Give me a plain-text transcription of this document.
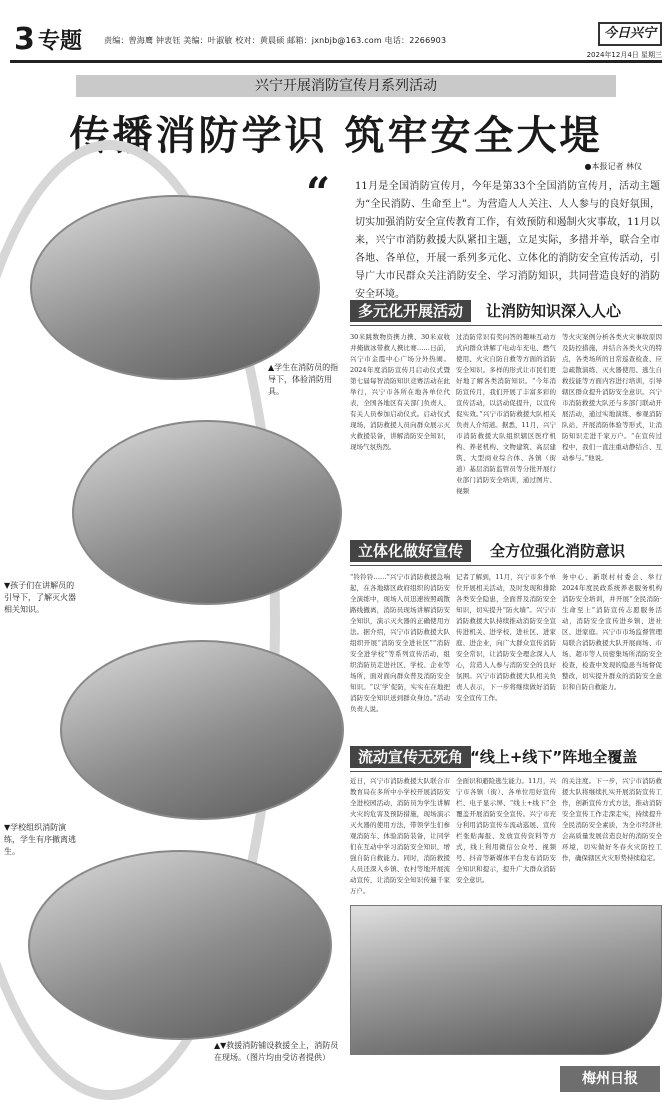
3 专题	责编：曾海鹰 钟衷钰 美编：叶淑敏 校对：黄晨硕 邮箱：jxnbjb@163.com 电话：2266903	今日兴宁
2024年12月4日 星期三
兴宁开展消防宣传月系列活动
传播消防学识 筑牢安全大堤
●本报记者 林仪
“ 11月是全国消防宣传月，今年是第33个全国消防宣传月，活动主题为“全民消防、生命至上”。为营造人人关注、人人参与的良好氛围，切实加强消防安全宣传教育工作，有效预防和遏制火灾事故，11月以来，兴宁市消防救援大队紧扣主题，立足实际，多措并举，联合全市各地、各单位，开展一系列多元化、立体化的消防安全宣传活动，引导广大市民群众关注消防安全、学习消防知识，共同营造良好的消防安全环境。
▲学生在消防员的指导下，体验消防用具。
▼孩子们在讲解员的引导下，了解灭火器相关知识。
▼学校组织消防演练，学生有序撤离逃生。
▲▼救援消防铺设救援全上，消防员在现场。（图片均由受访者提供）
多元化开展活动	让消防知识深入人心
30米跳数物资携力携、30米双收并掩做冰带救人携比赛……日前，兴宁市金霞中心广场分外热闹。2024年度消防宣传月启动仪式暨第七届每智消防知识竞赛活动在此举行，兴宁市各所在地各单位代表，全国各地区有关部门负责人、有关人员参加启动仪式。启动仪式现场，消防救援人员向群众展示灭火救援装备，讲解消防安全知识，现场气氛热烈。
过消防常识有奖问答的趣味互动方式向群众讲解了电动车充电、燃气使用、火灾自防自救等方面的消防安全知识。多样的形式让市民们更好地了解各类消防知识。“今年消防宣传月，我们开展了丰富多彩的宣传活动，以活动促提升，以宣传促实效。”兴宁市消防救援大队相关负责人介绍道。据悉，11月，兴宁市消防救援大队组织辖区医疗机构、养老机构、文物建筑、高层建筑、大型商业综合体、各镇（街道）基层消防监管员等分批开展行业部门消防安全培训，通过图片、视频
等火灾案例分析各类火灾事故原因及防控措施，并结合各类火灾的特点，各类场所的日常巡查检查、应急疏散演练、灭火器使用、逃生自救技能等方面内容进行培训，引导辖区群众提升消防安全意识。兴宁市消防救援大队还与多部门联动开展活动，通过实地演练、参观消防队站、开展消防体验等形式，让消防知识走进千家万户。“在宣传过程中，我们一直注重动静结合、互动参与。”他说。
立体化做好宣传	全方位强化消防意识
“铃铃铃……”兴宁市消防救援急响起，在各地辖区政府组织的消防安全演练中，现场人员迅速按照疏散路线撤离，消防员现场讲解消防安全知识，演示灭火器的正确使用方法。据介绍，兴宁市消防救援大队组织开展“消防安全进社区”“消防安全进学校”等系列宣传活动，组织消防员走进社区、学校、企业等场所，面对面向群众普及消防安全知识。“以‘学’促防，实实在在地把消防安全知识送到群众身边。”活动负责人说。
记者了解到，11月，兴宁市多个单位开展相关活动，及时发现和排除各类安全隐患，全面普及消防安全知识，切实提升“防火墙”。兴宁市消防救援大队持续推动消防安全宣传进机关、进学校、进社区、进家庭、进企业，向广大群众宣传消防安全常识，让消防安全理念深入人心，营造人人参与消防安全的良好氛围。兴宁市消防救援大队相关负责人表示，下一步将继续做好消防安全宣传工作。
务中心、新联村村委会、举行2024年度民政系统养老服务机构消防安全培训，并开展“全民消防·生命至上”消防宣传志愿服务活动，消防安全宣传进乡镇、进社区、进家庭。兴宁市市场监督管理局联合消防救援大队开展商场、市场、超市等人员密集场所消防安全检查，检查中发现的隐患当场督促整改，切实提升群众的消防安全意识和自防自救能力。
流动宣传无死角 “线上+线下”阵地全覆盖
近日，兴宁市消防救援大队联合市教育局在多所中小学校开展消防安全进校园活动，消防员为学生讲解火灾的危害及预防措施，现场演示灭火器的使用方法，带领学生们参观消防车、体验消防装备，让同学们在互动中学习消防安全知识，增强自防自救能力。同时，消防救援人员还深入乡镇、农村等地开展流动宣传，让消防安全知识传遍千家万户。
全面识和避险逃生能力。11月，兴宁市各镇（街）、各单位用好宣传栏、电子显示屏、“线上+线下”全覆盖开展消防安全宣传。兴宁市充分利用消防宣传车流动巡展、宣传栏张贴海报、发放宣传资料等方式，线上利用微信公众号、视频号、抖音等新媒体平台发布消防安全知识和提示，提升广大群众消防安全意识。
的关注度。下一步，兴宁市消防救援大队将继续扎实开展消防宣传工作，创新宣传方式方法，推动消防安全宣传工作走深走实，持续提升全民消防安全素质，为全市经济社会高质量发展营造良好的消防安全环境，切实做好冬春火灾防控工作，确保辖区火灾形势持续稳定。
梅州日报
